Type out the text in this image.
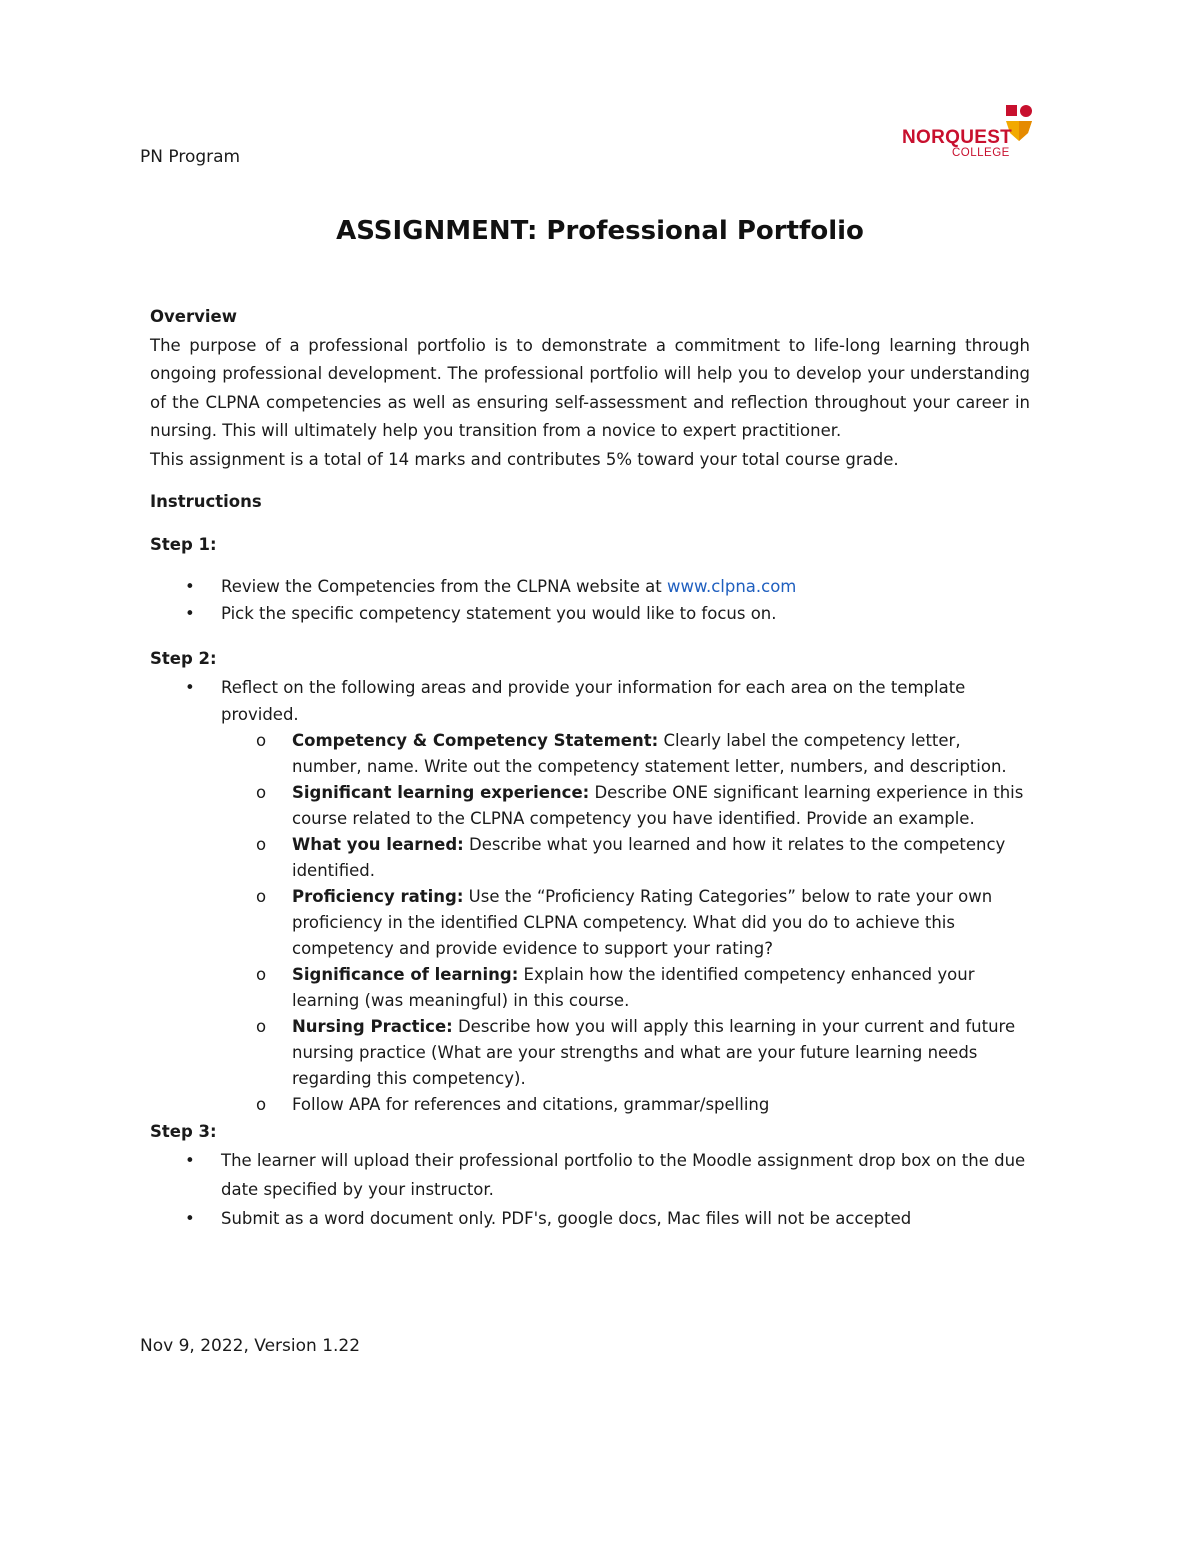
PN Program
NORQUEST
COLLEGE
ASSIGNMENT: Professional Portfolio
Overview
The purpose of a professional portfolio is to demonstrate a commitment to life-long learning through ongoing professional development. The professional portfolio will help you to develop your understanding of the CLPNA competencies as well as ensuring self-assessment and reflection throughout your career in nursing. This will ultimately help you transition from a novice to expert practitioner.
This assignment is a total of 14 marks and contributes 5% toward your total course grade.
Instructions
Step 1:
• Review the Competencies from the CLPNA website at www.clpna.com
• Pick the specific competency statement you would like to focus on.
Step 2:
• Reflect on the following areas and provide your information for each area on the template provided.
o Competency & Competency Statement: Clearly label the competency letter, number, name. Write out the competency statement letter, numbers, and description.
o Significant learning experience: Describe ONE significant learning experience in this course related to the CLPNA competency you have identified. Provide an example.
o What you learned: Describe what you learned and how it relates to the competency identified.
o Proficiency rating: Use the “Proficiency Rating Categories” below to rate your own proficiency in the identified CLPNA competency. What did you do to achieve this competency and provide evidence to support your rating?
o Significance of learning: Explain how the identified competency enhanced your learning (was meaningful) in this course.
o Nursing Practice: Describe how you will apply this learning in your current and future nursing practice (What are your strengths and what are your future learning needs regarding this competency).
o Follow APA for references and citations, grammar/spelling
Step 3:
• The learner will upload their professional portfolio to the Moodle assignment drop box on the due date specified by your instructor.
• Submit as a word document only. PDF's, google docs, Mac files will not be accepted
Nov 9, 2022, Version 1.22
